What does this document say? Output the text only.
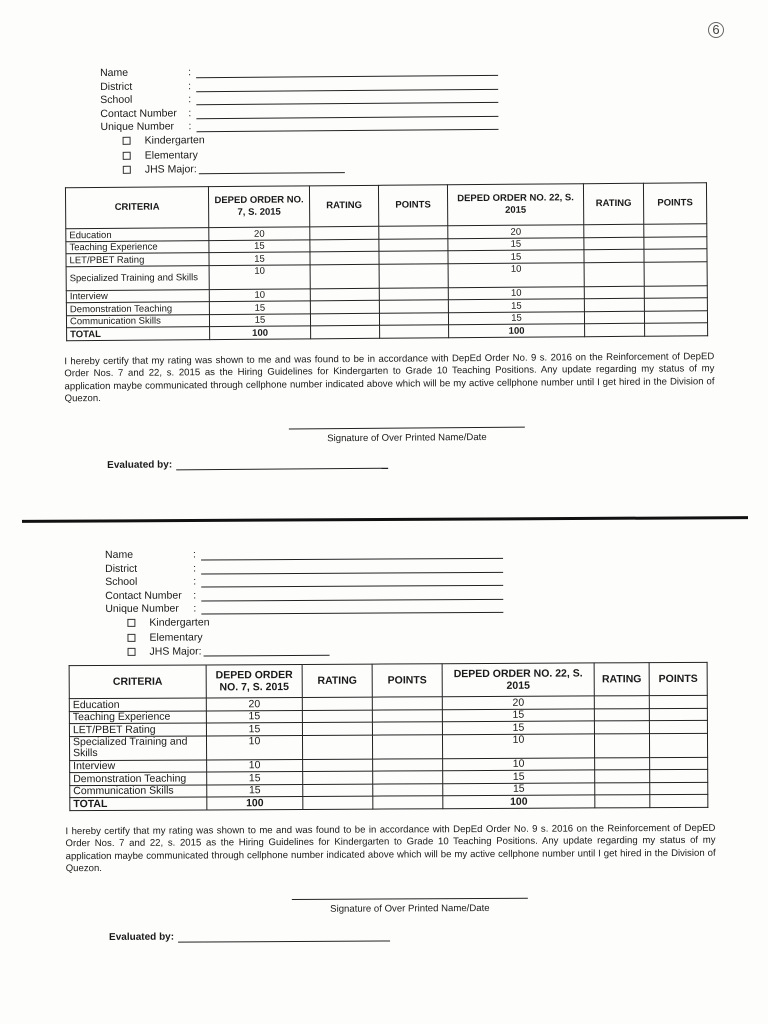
6
Name	:
District	:
School	:
Contact Number	:
Unique Number	:
Kindergarten
Elementary
JHS Major:
CRITERIA	DEPED ORDER NO. 7, S. 2015	RATING	POINTS	DEPED ORDER NO. 22, S. 2015	RATING	POINTS
Education	20			20		
Teaching Experience	15			15		
LET/PBET Rating	15			15		
Specialized Training and Skills	10			10		
Interview	10			10		
Demonstration Teaching	15			15		
Communication Skills	15			15		
TOTAL	100			100		

I hereby certify that my rating was shown to me and was found to be in accordance with DepEd Order No. 9 s. 2016 on the Reinforcement of DepED Order Nos. 7 and 22, s. 2015 as the Hiring Guidelines for Kindergarten to Grade 10 Teaching Positions. Any update regarding my status of my application maybe communicated through cellphone number indicated above which will be my active cellphone number until I get hired in the Division of Quezon.

Signature of Over Printed Name/Date
Evaluated by:
Name	:
District	:
School	:
Contact Number	:
Unique Number	:
Kindergarten
Elementary
JHS Major:
CRITERIA	DEPED ORDER NO. 7, S. 2015	RATING	POINTS	DEPED ORDER NO. 22, S. 2015	RATING	POINTS
Education	20			20		
Teaching Experience	15			15		
LET/PBET Rating	15			15		
Specialized Training and Skills	10			10		
Interview	10			10		
Demonstration Teaching	15			15		
Communication Skills	15			15		
TOTAL	100			100		

I hereby certify that my rating was shown to me and was found to be in accordance with DepEd Order No. 9 s. 2016 on the Reinforcement of DepED Order Nos. 7 and 22, s. 2015 as the Hiring Guidelines for Kindergarten to Grade 10 Teaching Positions. Any update regarding my status of my application maybe communicated through cellphone number indicated above which will be my active cellphone number until I get hired in the Division of Quezon.

Signature of Over Printed Name/Date
Evaluated by:
